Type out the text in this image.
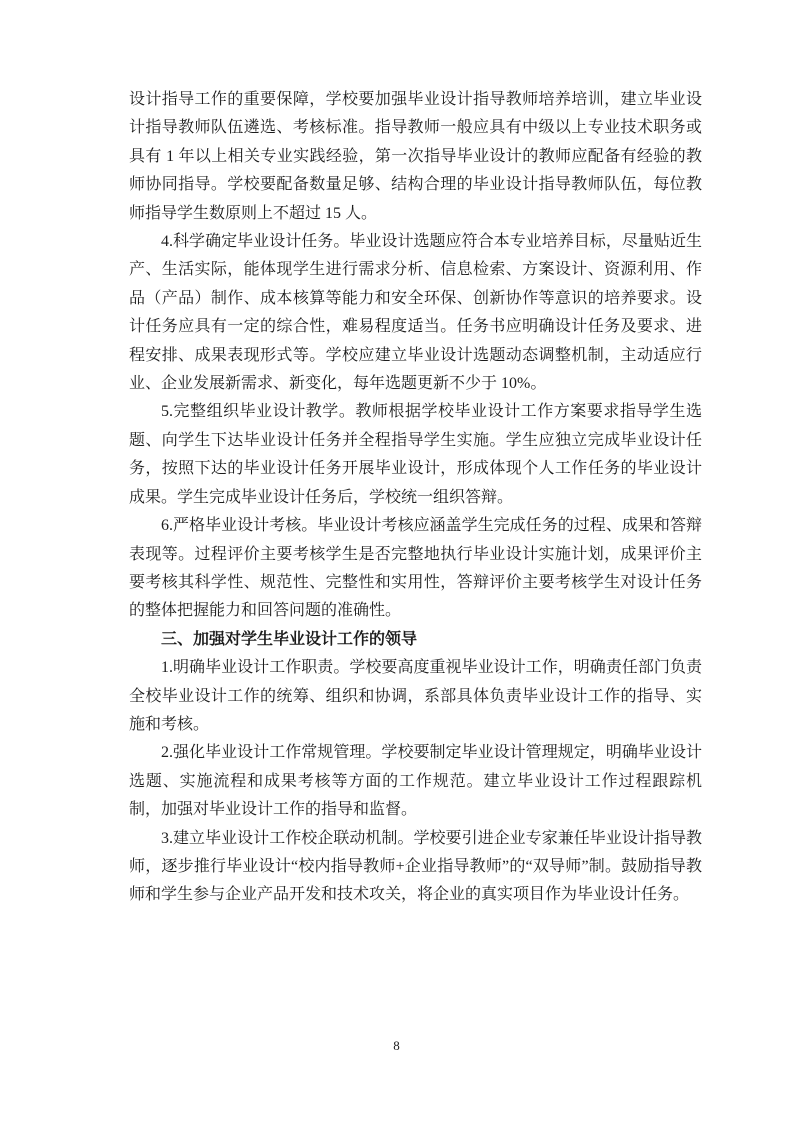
设计指导工作的重要保障，学校要加强毕业设计指导教师培养培训，建立毕业设计指导教师队伍遴选、考核标准。指导教师一般应具有中级以上专业技术职务或具有 1 年以上相关专业实践经验，第一次指导毕业设计的教师应配备有经验的教师协同指导。学校要配备数量足够、结构合理的毕业设计指导教师队伍，每位教师指导学生数原则上不超过 15 人。

4.科学确定毕业设计任务。毕业设计选题应符合本专业培养目标，尽量贴近生产、生活实际，能体现学生进行需求分析、信息检索、方案设计、资源利用、作品（产品）制作、成本核算等能力和安全环保、创新协作等意识的培养要求。设计任务应具有一定的综合性，难易程度适当。任务书应明确设计任务及要求、进程安排、成果表现形式等。学校应建立毕业设计选题动态调整机制，主动适应行业、企业发展新需求、新变化，每年选题更新不少于 10%。

5.完整组织毕业设计教学。教师根据学校毕业设计工作方案要求指导学生选题、向学生下达毕业设计任务并全程指导学生实施。学生应独立完成毕业设计任务，按照下达的毕业设计任务开展毕业设计，形成体现个人工作任务的毕业设计成果。学生完成毕业设计任务后，学校统一组织答辩。

6.严格毕业设计考核。毕业设计考核应涵盖学生完成任务的过程、成果和答辩表现等。过程评价主要考核学生是否完整地执行毕业设计实施计划，成果评价主要考核其科学性、规范性、完整性和实用性，答辩评价主要考核学生对设计任务的整体把握能力和回答问题的准确性。

三、加强对学生毕业设计工作的领导

1.明确毕业设计工作职责。学校要高度重视毕业设计工作，明确责任部门负责全校毕业设计工作的统筹、组织和协调，系部具体负责毕业设计工作的指导、实施和考核。

2.强化毕业设计工作常规管理。学校要制定毕业设计管理规定，明确毕业设计选题、实施流程和成果考核等方面的工作规范。建立毕业设计工作过程跟踪机制，加强对毕业设计工作的指导和监督。

3.建立毕业设计工作校企联动机制。学校要引进企业专家兼任毕业设计指导教师，逐步推行毕业设计“校内指导教师+企业指导教师”的“双导师”制。鼓励指导教师和学生参与企业产品开发和技术攻关，将企业的真实项目作为毕业设计任务。

8
